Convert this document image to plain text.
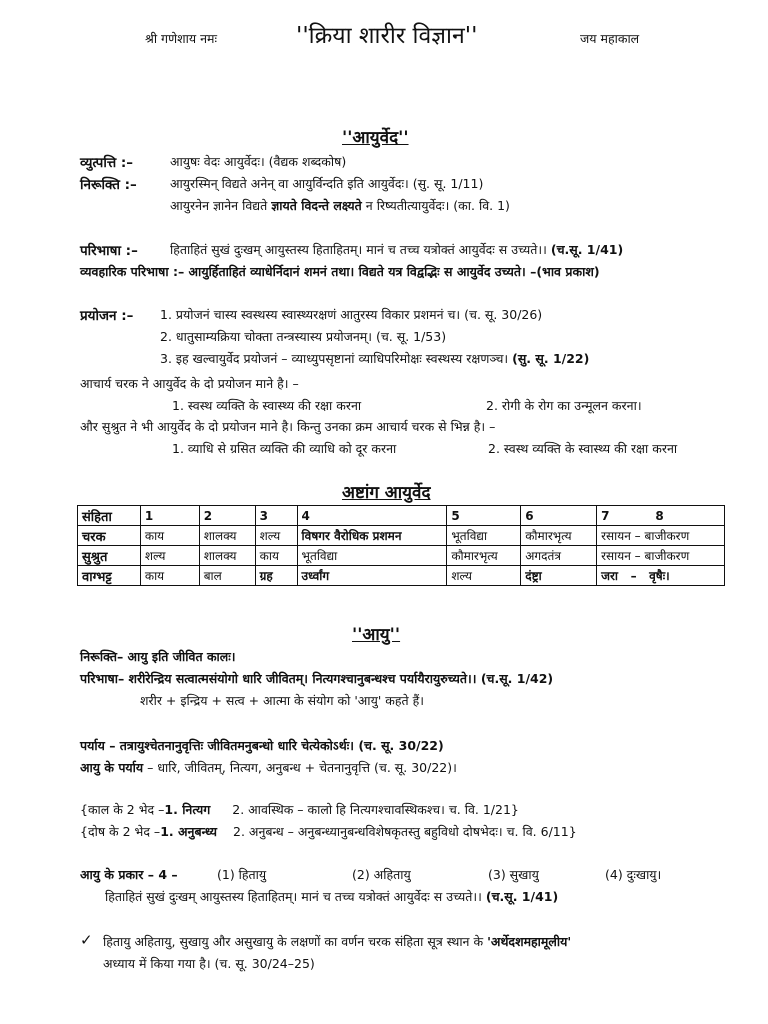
श्री गणेशाय नमः	''क्रिया शारीर विज्ञान''	जय महाकाल
''आयुर्वेद''
व्युत्पत्ति :–	आयुषः वेदः आयुर्वेदः। (वैद्यक शब्दकोष)
निरूक्ति :–	आयुरस्मिन् विद्यते अनेन् वा आयुर्विन्दति इति आयुर्वेदः। (सु. सू. 1/11)
आयुरनेन ज्ञानेन विद्यते ज्ञायते विदन्ते लक्ष्यते न रिष्यतीत्यायुर्वेदः। (का. वि. 1)
परिभाषा :–	हिताहितं सुखं दुःखम् आयुस्तस्य हिताहितम्। मानं च तच्च यत्रोक्तं आयुर्वेदः स उच्यते।। (च.सू. 1/41)
व्यवहारिक परिभाषा :– आयुर्हिताहितं व्याधेर्निदानं शमनं तथा। विद्यते यत्र विद्वद्भिः स आयुर्वेद उच्यते। –(भाव प्रकाश)
प्रयोजन :– 1. प्रयोजनं चास्य स्वस्थस्य स्वास्थ्यरक्षणं आतुरस्य विकार प्रशमनं च। (च. सू. 30/26)
2. धातुसाम्यक्रिया चोक्ता तन्त्रस्यास्य प्रयोजनम्। (च. सू. 1/53)
3. इह खल्वायुर्वेद प्रयोजनं – व्याध्युपसृष्टानां व्याधिपरिमोक्षः स्वस्थस्य रक्षणञ्च। (सु. सू. 1/22)
आचार्य चरक ने आयुर्वेद के दो प्रयोजन माने है। –
1. स्वस्थ व्यक्ति के स्वास्थ्य की रक्षा करना	2. रोगी के रोग का उन्मूलन करना।
और सुश्रुत ने भी आयुर्वेद के दो प्रयोजन माने है। किन्तु उनका क्रम आचार्य चरक से भिन्न है। –
1. व्याधि से ग्रसित व्यक्ति की व्याधि को दूर करना	2. स्वस्थ व्यक्ति के स्वास्थ्य की रक्षा करना
अष्टांग आयुर्वेद
संहिता	1	2	3	4	5	6	7           8
चरक	काय	शालक्य	शल्य	विषगर वैरोधिक प्रशमन	भूतविद्या	कौमारभृत्य	रसायन – बाजीकरण
सुश्रुत	शल्य	शालक्य	काय	भूतविद्या	कौमारभृत्य	अगदतंत्र	रसायन – बाजीकरण
वाग्भट्ट	काय	बाल	ग्रह	उर्ध्वांग	शल्य	दंष्ट्रा	जरा   –   वृषैः।
''आयु''
निरूक्ति– आयु इति जीवित कालः।
परिभाषा– शरीरेन्द्रिय सत्वात्मसंयोगो धारि जीवितम्। नित्यगश्चानुबन्धश्च पर्यायैरायुरुच्यते।। (च.सू. 1/42)
शरीर + इन्द्रिय + सत्व + आत्मा के संयोग को 'आयु' कहते हैं।
पर्याय – तत्रायुश्चेतनानुवृत्तिः जीवितमनुबन्धो धारि चेत्येकोऽर्थः। (च. सू. 30/22)
आयु के पर्याय – धारि, जीवितम्, नित्यग, अनुबन्ध + चेतनानुवृत्ति (च. सू. 30/22)।
{काल के 2 भेद –1. नित्यग 2. आवस्थिक – कालो हि नित्यगश्चावस्थिकश्च। च. वि. 1/21}
{दोष के 2 भेद –1. अनुबन्ध्य 2. अनुबन्ध – अनुबन्ध्यानुबन्धविशेषकृतस्तु बहुविधो दोषभेदः। च. वि. 6/11}
आयु के प्रकार – 4 –	(1) हितायु	(2) अहितायु	(3) सुखायु	(4) दुःखायु।
हिताहितं सुखं दुःखम् आयुस्तस्य हिताहितम्। मानं च तच्च यत्रोक्तं आयुर्वेदः स उच्यते।। (च.सू. 1/41)
✓ हितायु अहितायु, सुखायु और असुखायु के लक्षणों का वर्णन चरक संहिता सूत्र स्थान के 'अर्थेदशमहामूलीय'
अध्याय में किया गया है। (च. सू. 30/24–25)
